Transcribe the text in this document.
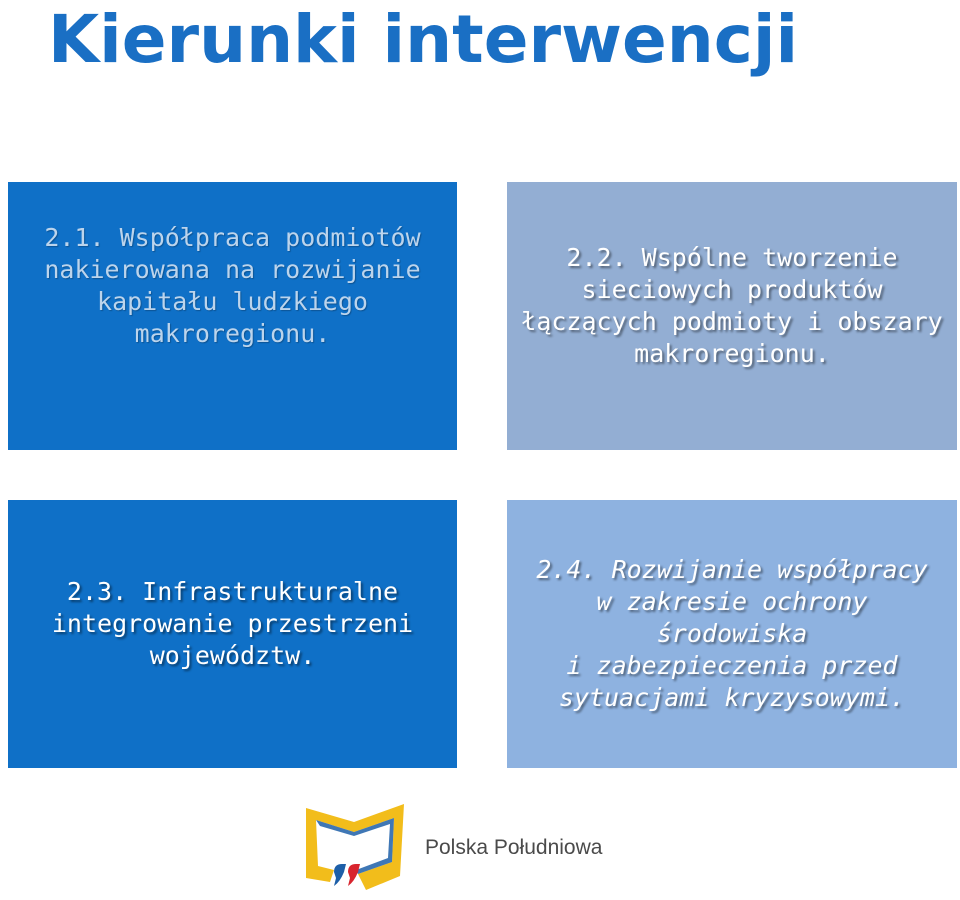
Kierunki interwencji
2.1. Współpraca podmiotów
nakierowana na rozwijanie
kapitału ludzkiego
makroregionu.
2.2. Wspólne tworzenie
sieciowych produktów
łączących podmioty i obszary
makroregionu.
2.3. Infrastrukturalne
integrowanie przestrzeni
województw.
2.4. Rozwijanie współpracy
w zakresie ochrony
środowiska
i zabezpieczenia przed
sytuacjami kryzysowymi.
Polska Południowa
